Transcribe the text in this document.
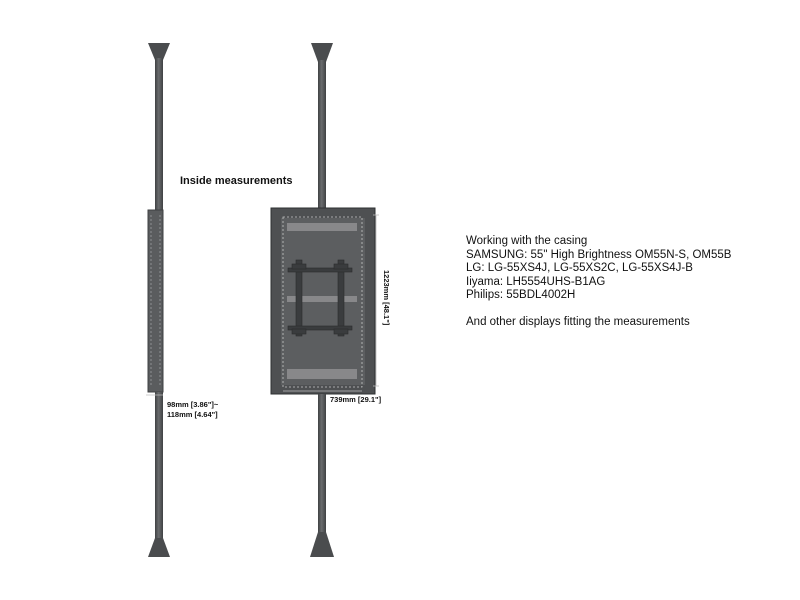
Inside measurements
98mm [3.86"]~
118mm [4.64"]
1223mm [48.1"]
739mm [29.1"]
Working with the casing
SAMSUNG: 55" High Brightness OM55N-S, OM55B
LG: LG-55XS4J, LG-55XS2C, LG-55XS4J-B
Iiyama: LH5554UHS-B1AG
Philips: 55BDL4002H
And other displays fitting the measurements
